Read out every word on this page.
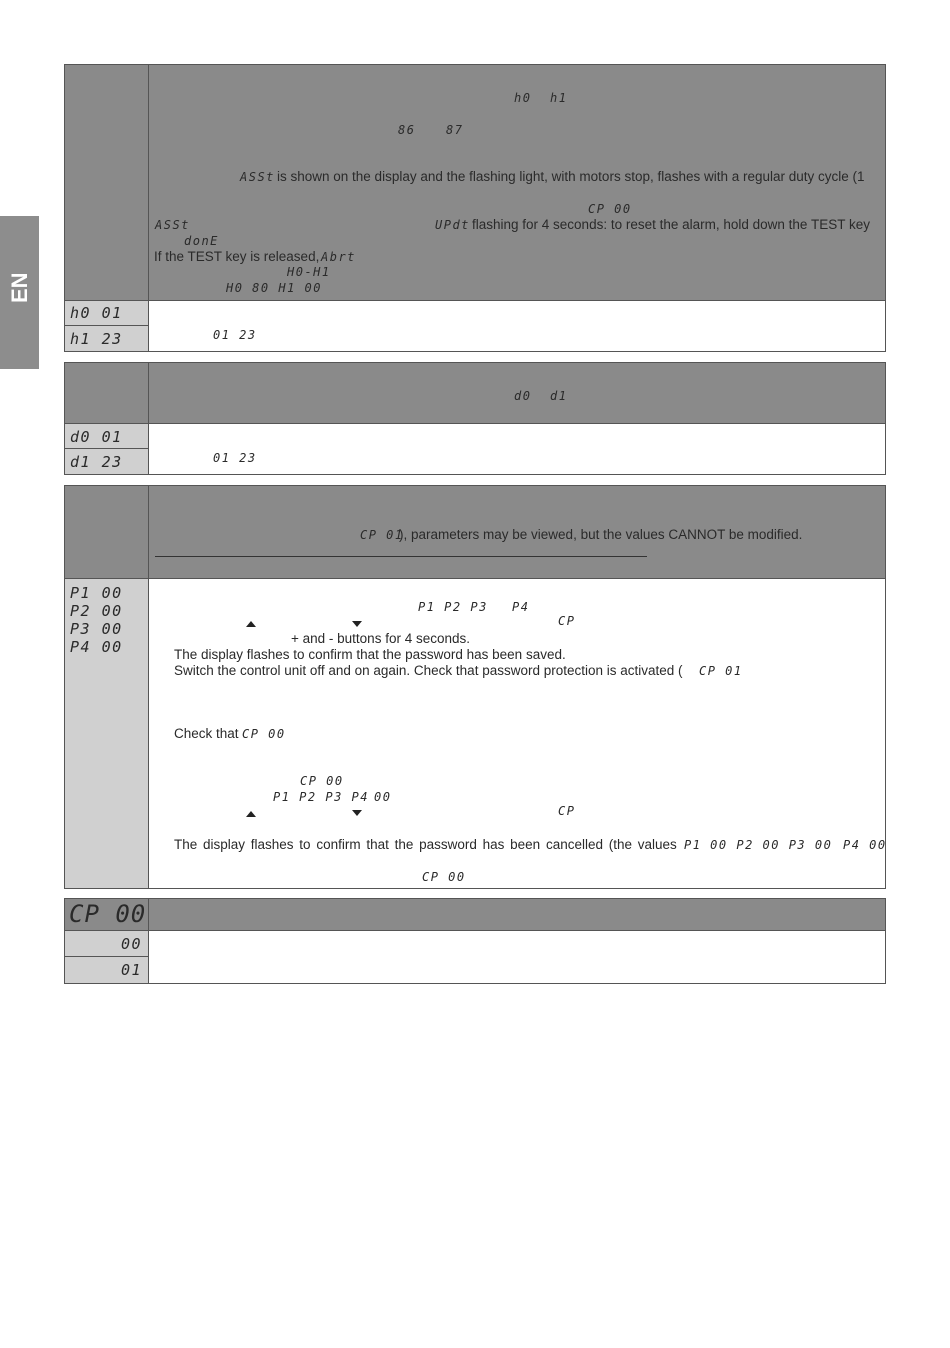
EN
h0 h1
86	87
ASSt is shown on the display and the flashing light, with motors stop, flashes with a regular duty cycle (1
CP 00
ASSt	UPdt flashing for 4 seconds: to reset the alarm, hold down the TEST key
donE
If the TEST key is released, Abrt
H0-H1
H0 80 H1 00
h0 01
h1 23	01 23
d0 d1
d0 01
d1 23	01 23
CP 01
), parameters may be viewed, but the values CANNOT be modified.
P1 00
P2 00
P3 00
P4 00
P1 P2 P3 P4
CP
+ and - buttons for 4 seconds.
The display flashes to confirm that the password has been saved.
Switch the control unit off and on again. Check that password protection is activated ( CP 01
Check that CP 00
CP 00
P1 P2 P3 P4 00
CP
The display flashes to confirm that the password has been cancelled (the values P1 00 P2 00 P3 00 P4 00
CP 00
CP 00
00
01
